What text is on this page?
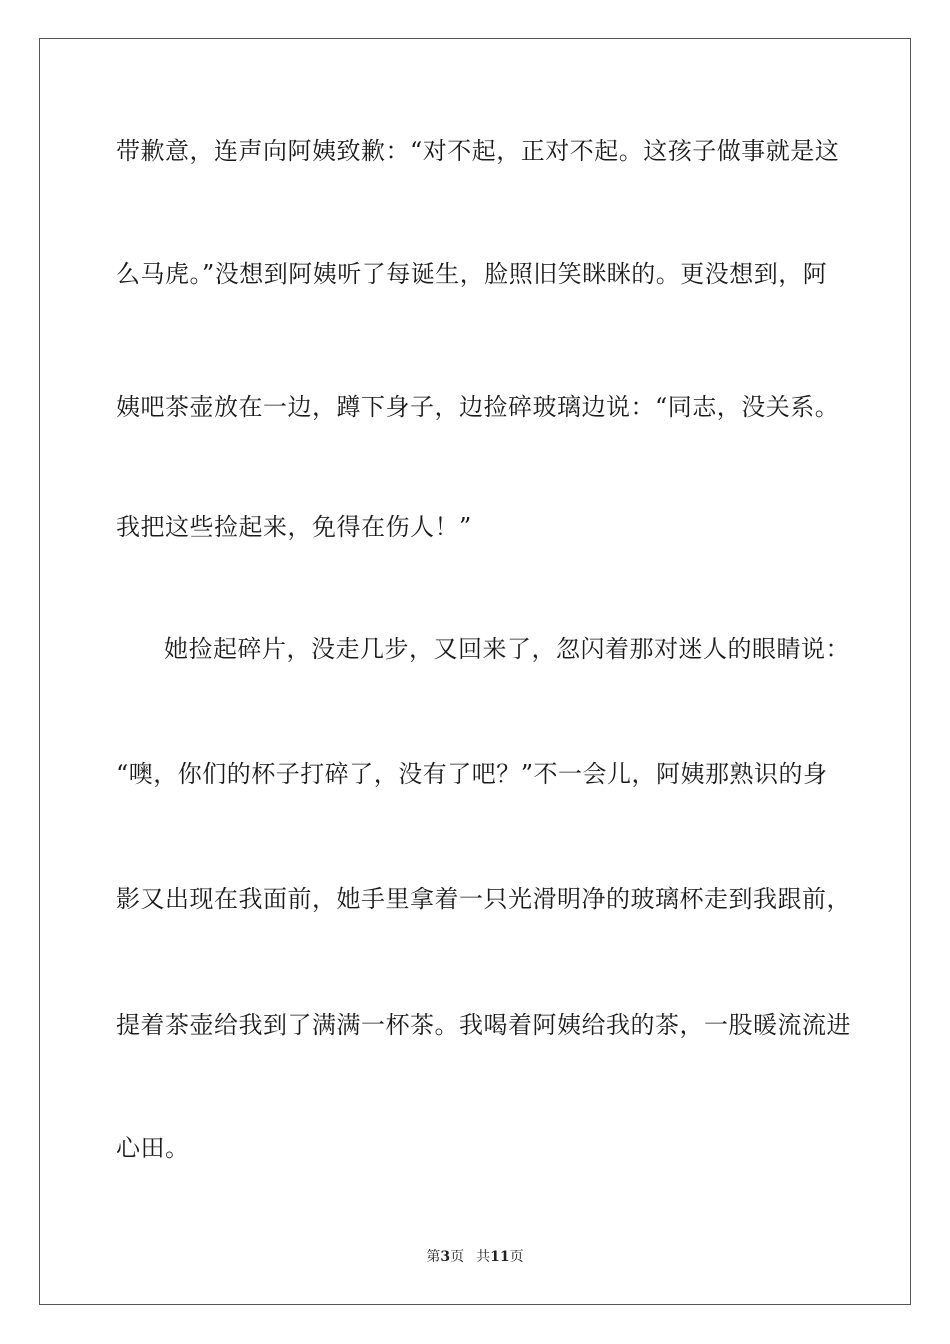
带歉意，连声向阿姨致歉：“对不起，正对不起。这孩子做事就是这
么马虎。”没想到阿姨听了每诞生，脸照旧笑眯眯的。更没想到，阿
姨吧茶壶放在一边，蹲下身子，边捡碎玻璃边说：“同志，没关系。
我把这些捡起来，免得在伤人！”
她捡起碎片，没走几步，又回来了，忽闪着那对迷人的眼睛说：
“噢，你们的杯子打碎了，没有了吧？”不一会儿，阿姨那熟识的身
影又出现在我面前，她手里拿着一只光滑明净的玻璃杯走到我跟前，
提着茶壶给我到了满满一杯茶。我喝着阿姨给我的茶，一股暖流流进
心田。
第3页 共11页
